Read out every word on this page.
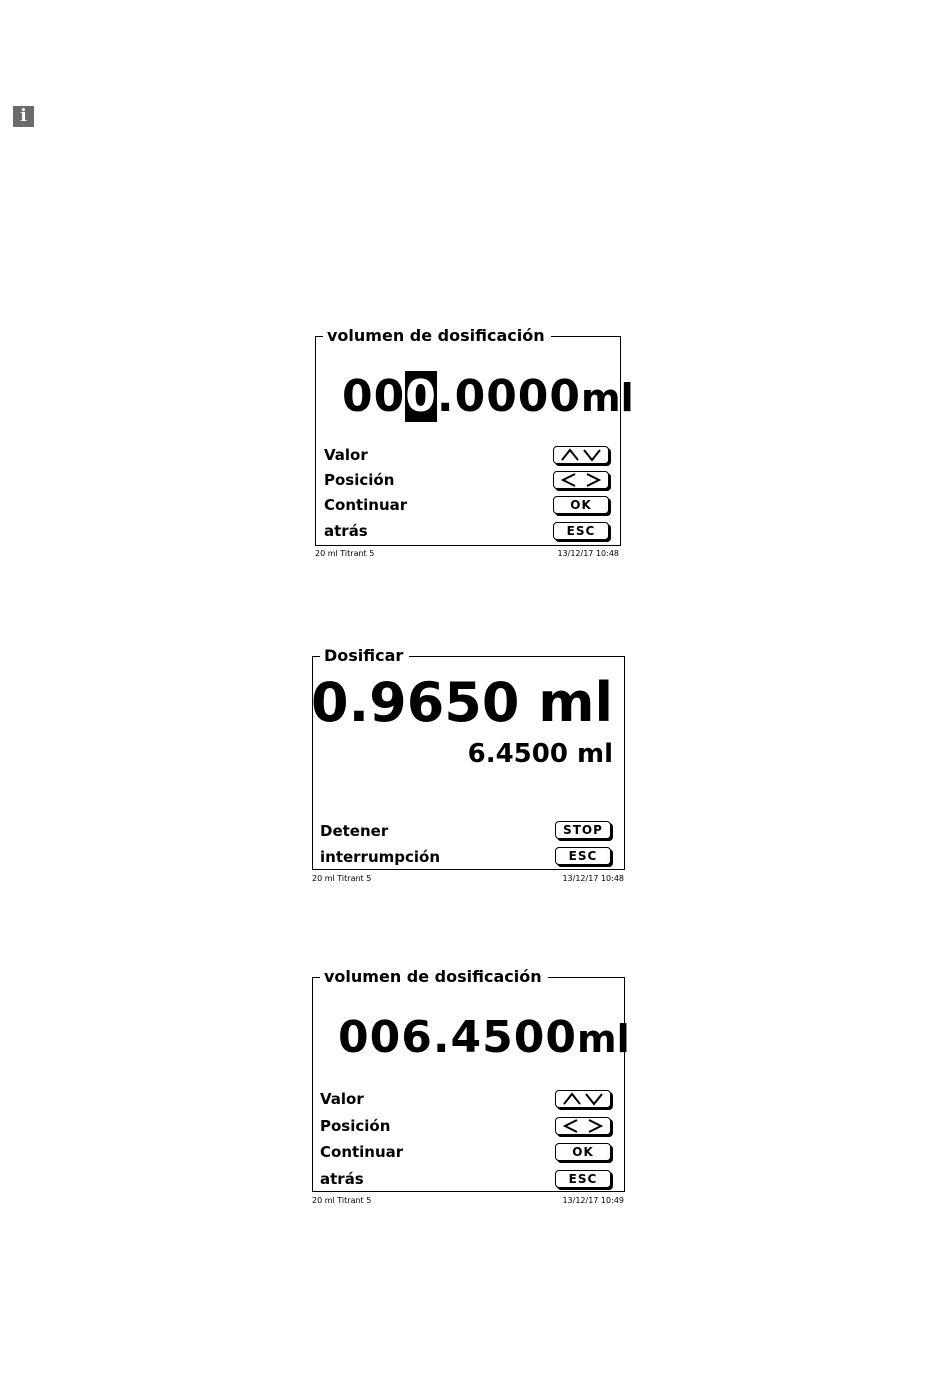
i
volumen de dosificación
000.0000ml
Valor
Posición
Continuar	OK
atrás	ESC
20 ml Titrant 5	13/12/17 10:48
Dosificar
0.9650 ml
6.4500 ml
Detener	STOP
interrumpción	ESC
20 ml Titrant 5	13/12/17 10:48
volumen de dosificación
006.4500ml
Valor
Posición
Continuar	OK
atrás	ESC
20 ml Titrant 5	13/12/17 10:49
